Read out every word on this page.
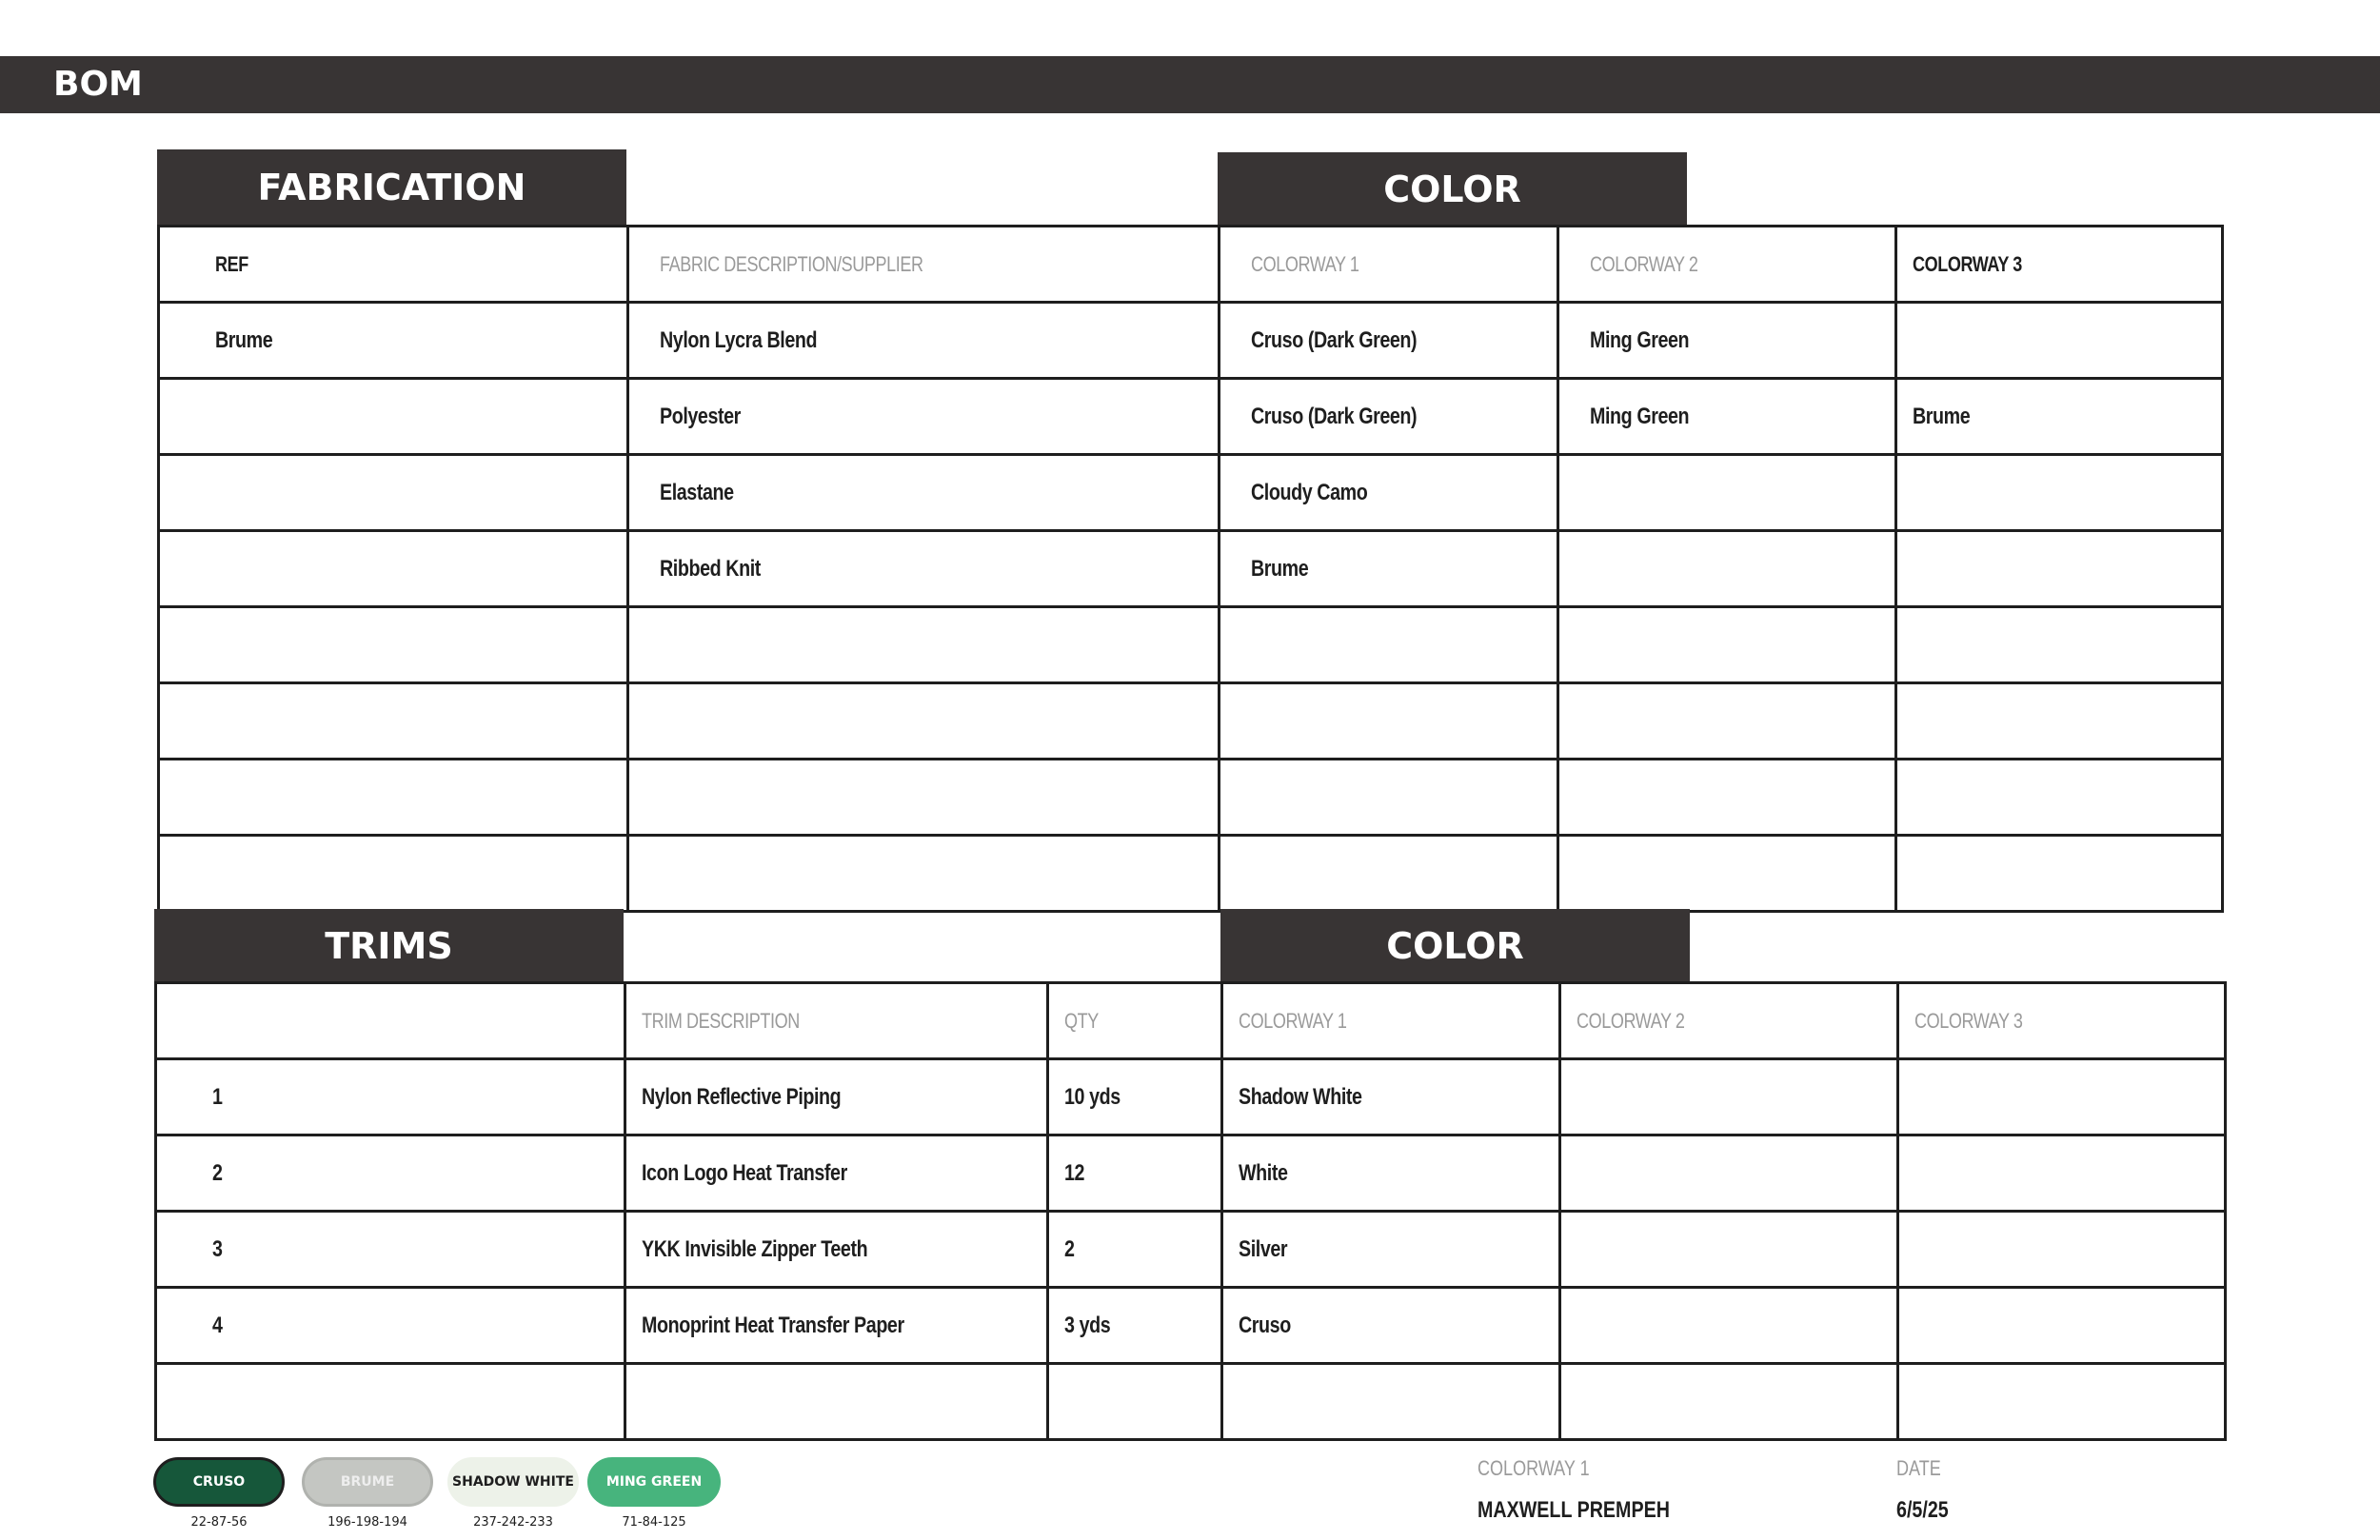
BOM
FABRICATION	COLOR
REF	FABRIC DESCRIPTION/SUPPLIER	COLORWAY 1	COLORWAY 2	COLORWAY 3
Brume	Nylon Lycra Blend	Cruso (Dark Green)	Ming Green	
	Polyester	Cruso (Dark Green)	Ming Green	Brume
	Elastane	Cloudy Camo		
	Ribbed Knit	Brume		

TRIMS	COLOR
	TRIM DESCRIPTION	QTY	COLORWAY 1	COLORWAY 2	COLORWAY 3
1	Nylon Reflective Piping	10 yds	Shadow White		
2	Icon Logo Heat Transfer	12	White		
3	YKK Invisible Zipper Teeth	2	Silver		
4	Monoprint Heat Transfer Paper	3 yds	Cruso		

CRUSO
22-87-56
BRUME
196-198-194
SHADOW WHITE
237-242-233
MING GREEN
71-84-125
COLORWAY 1
MAXWELL PREMPEH
DATE
6/5/25
